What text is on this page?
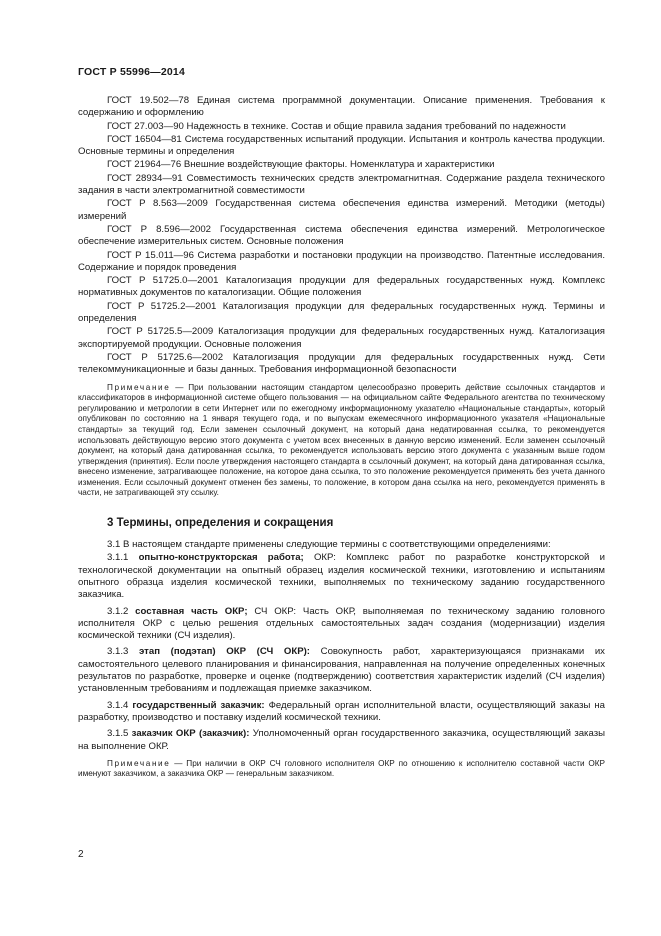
ГОСТ Р 55996—2014

ГОСТ 19.502—78 Единая система программной документации. Описание применения. Требования к содержанию и оформлению

ГОСТ 27.003—90 Надежность в технике. Состав и общие правила задания требований по надежности

ГОСТ 16504—81 Система государственных испытаний продукции. Испытания и контроль качества продукции. Основные термины и определения

ГОСТ 21964—76 Внешние воздействующие факторы. Номенклатура и характеристики

ГОСТ 28934—91 Совместимость технических средств электромагнитная. Содержание раздела технического задания в части электромагнитной совместимости

ГОСТ Р 8.563—2009 Государственная система обеспечения единства измерений. Методики (методы) измерений

ГОСТ Р 8.596—2002 Государственная система обеспечения единства измерений. Метрологическое обеспечение измерительных систем. Основные положения

ГОСТ Р 15.011—96 Система разработки и постановки продукции на производство. Патентные исследования. Содержание и порядок проведения

ГОСТ Р 51725.0—2001 Каталогизация продукции для федеральных государственных нужд. Комплекс нормативных документов по каталогизации. Общие положения

ГОСТ Р 51725.2—2001 Каталогизация продукции для федеральных государственных нужд. Термины и определения

ГОСТ Р 51725.5—2009 Каталогизация продукции для федеральных государственных нужд. Каталогизация экспортируемой продукции. Основные положения

ГОСТ Р 51725.6—2002 Каталогизация продукции для федеральных государственных нужд. Сети телекоммуникационные и базы данных. Требования информационной безопасности

Примечание — При пользовании настоящим стандартом целесообразно проверить действие ссылочных стандартов и классификаторов в информационной системе общего пользования — на официальном сайте Федерального агентства по техническому регулированию и метрологии в сети Интернет или по ежегодному информационному указателю «Национальные стандарты», который опубликован по состоянию на 1 января текущего года, и по выпускам ежемесячного информационного указателя «Национальные стандарты» за текущий год. Если заменен ссылочный документ, на который дана недатированная ссылка, то рекомендуется использовать действующую версию этого документа с учетом всех внесенных в данную версию изменений. Если заменен ссылочный документ, на который дана датированная ссылка, то рекомендуется использовать версию этого документа с указанным выше годом утверждения (принятия). Если после утверждения настоящего стандарта в ссылочный документ, на который дана датированная ссылка, внесено изменение, затрагивающее положение, на которое дана ссылка, то это положение рекомендуется применять без учета данного изменения. Если ссылочный документ отменен без замены, то положение, в котором дана ссылка на него, рекомендуется применять в части, не затрагивающей эту ссылку.

3 Термины, определения и сокращения

3.1 В настоящем стандарте применены следующие термины с соответствующими определениями:

3.1.1 опытно-конструкторская работа; ОКР: Комплекс работ по разработке конструкторской и технологической документации на опытный образец изделия космической техники, изготовлению и испытаниям опытного образца изделия космической техники, выполняемых по техническому заданию государственного заказчика.

3.1.2 составная часть ОКР; СЧ ОКР: Часть ОКР, выполняемая по техническому заданию головного исполнителя ОКР с целью решения отдельных самостоятельных задач создания (модернизации) изделия космической техники (СЧ изделия).

3.1.3 этап (подэтап) ОКР (СЧ ОКР): Совокупность работ, характеризующаяся признаками их самостоятельного целевого планирования и финансирования, направленная на получение определенных конечных результатов по разработке, проверке и оценке (подтверждению) соответствия характеристик изделий (СЧ изделия) установленным требованиям и подлежащая приемке заказчиком.

3.1.4 государственный заказчик: Федеральный орган исполнительной власти, осуществляющий заказы на разработку, производство и поставку изделий космической техники.

3.1.5 заказчик ОКР (заказчик): Уполномоченный орган государственного заказчика, осуществляющий заказы на выполнение ОКР.

Примечание — При наличии в ОКР СЧ головного исполнителя ОКР по отношению к исполнителю составной части ОКР именуют заказчиком, а заказчика ОКР — генеральным заказчиком.

2
